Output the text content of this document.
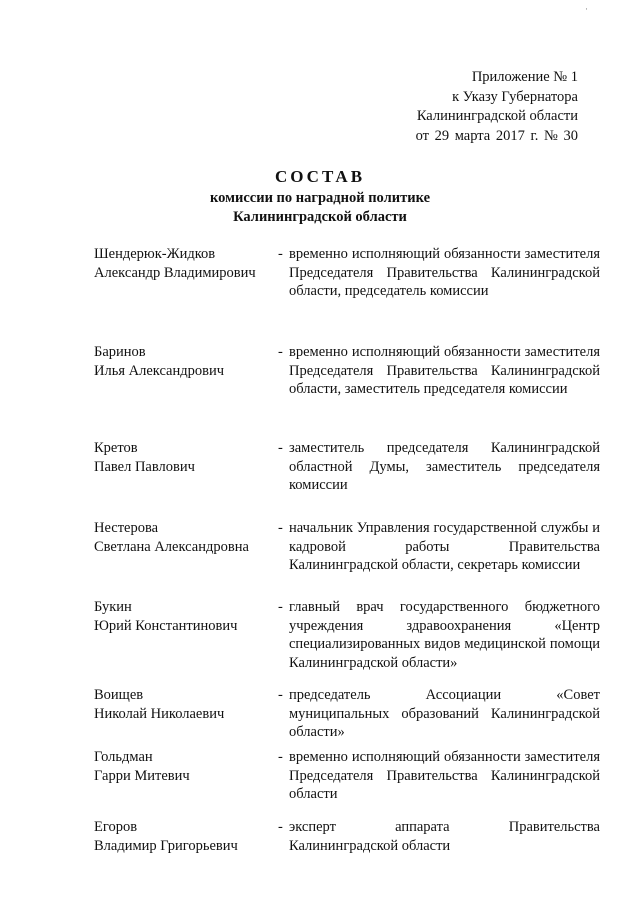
·
Приложение № 1
к Указу Губернатора
Калининградской области
от 29 марта 2017 г. № 30
СОСТАВ
комиссии по наградной политике
Калининградской области
Шендерюк-Жидков
Александр Владимирович
- временно исполняющий обязанности заместителя Председателя Правительства Калининградской области, председатель комиссии
Баринов
Илья Александрович
- временно исполняющий обязанности заместителя Председателя Правительства Калининградской области, заместитель председателя комиссии
Кретов
Павел Павлович
- заместитель председателя Калининградской областной Думы, заместитель председателя комиссии
Нестерова
Светлана Александровна
- начальник Управления государственной службы и кадровой работы Правительства Калининградской области, секретарь комиссии
Букин
Юрий Константинович
- главный врач государственного бюджетного учреждения здравоохранения «Центр специализированных видов медицинской помощи Калининградской области»
Воищев
Николай Николаевич
- председатель Ассоциации «Совет муниципальных образований Калининградской области»
Гольдман
Гарри Митевич
- временно исполняющий обязанности заместителя Председателя Правительства Калининградской области
Егоров
Владимир Григорьевич
- эксперт аппарата Правительства Калининградской области
